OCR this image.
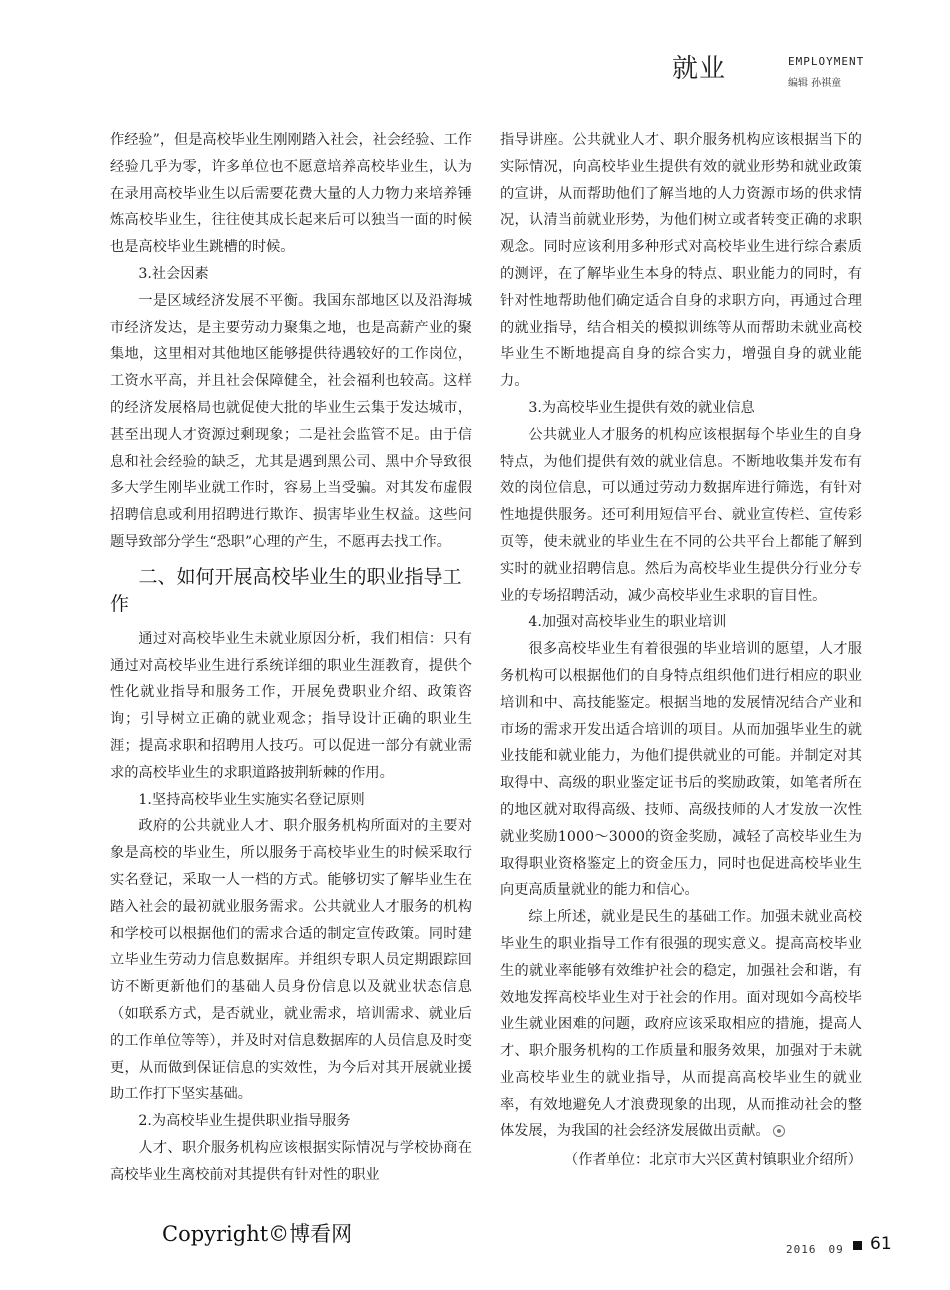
就业	EMPLOYMENT
编辑 孙祺童

作经验”，但是高校毕业生刚刚踏入社会，社会经验、工作经验几乎为零，许多单位也不愿意培养高校毕业生，认为在录用高校毕业生以后需要花费大量的人力物力来培养锤炼高校毕业生，往往使其成长起来后可以独当一面的时候也是高校毕业生跳槽的时候。

3.社会因素

一是区域经济发展不平衡。我国东部地区以及沿海城市经济发达，是主要劳动力聚集之地，也是高薪产业的聚集地，这里相对其他地区能够提供待遇较好的工作岗位，工资水平高，并且社会保障健全，社会福利也较高。这样的经济发展格局也就促使大批的毕业生云集于发达城市，甚至出现人才资源过剩现象；二是社会监管不足。由于信息和社会经验的缺乏，尤其是遇到黑公司、黑中介导致很多大学生刚毕业就工作时，容易上当受骗。对其发布虚假招聘信息或利用招聘进行欺诈、损害毕业生权益。这些问题导致部分学生“恐职”心理的产生，不愿再去找工作。

二、如何开展高校毕业生的职业指导工作

通过对高校毕业生未就业原因分析，我们相信：只有通过对高校毕业生进行系统详细的职业生涯教育，提供个性化就业指导和服务工作，开展免费职业介绍、政策咨询；引导树立正确的就业观念；指导设计正确的职业生涯；提高求职和招聘用人技巧。可以促进一部分有就业需求的高校毕业生的求职道路披荆斩棘的作用。

1.坚持高校毕业生实施实名登记原则

政府的公共就业人才、职介服务机构所面对的主要对象是高校的毕业生，所以服务于高校毕业生的时候采取行实名登记，采取一人一档的方式。能够切实了解毕业生在踏入社会的最初就业服务需求。公共就业人才服务的机构和学校可以根据他们的需求合适的制定宣传政策。同时建立毕业生劳动力信息数据库。并组织专职人员定期跟踪回访不断更新他们的基础人员身份信息以及就业状态信息（如联系方式，是否就业，就业需求，培训需求、就业后的工作单位等等），并及时对信息数据库的人员信息及时变更，从而做到保证信息的实效性，为今后对其开展就业援助工作打下坚实基础。

2.为高校毕业生提供职业指导服务

人才、职介服务机构应该根据实际情况与学校协商在高校毕业生离校前对其提供有针对性的职业

指导讲座。公共就业人才、职介服务机构应该根据当下的实际情况，向高校毕业生提供有效的就业形势和就业政策的宣讲，从而帮助他们了解当地的人力资源市场的供求情况，认清当前就业形势，为他们树立或者转变正确的求职观念。同时应该利用多种形式对高校毕业生进行综合素质的测评，在了解毕业生本身的特点、职业能力的同时，有针对性地帮助他们确定适合自身的求职方向，再通过合理的就业指导，结合相关的模拟训练等从而帮助未就业高校毕业生不断地提高自身的综合实力，增强自身的就业能力。

3.为高校毕业生提供有效的就业信息

公共就业人才服务的机构应该根据每个毕业生的自身特点，为他们提供有效的就业信息。不断地收集并发布有效的岗位信息，可以通过劳动力数据库进行筛选，有针对性地提供服务。还可利用短信平台、就业宣传栏、宣传彩页等，使未就业的毕业生在不同的公共平台上都能了解到实时的就业招聘信息。然后为高校毕业生提供分行业分专业的专场招聘活动，减少高校毕业生求职的盲目性。

4.加强对高校毕业生的职业培训

很多高校毕业生有着很强的毕业培训的愿望，人才服务机构可以根据他们的自身特点组织他们进行相应的职业培训和中、高技能鉴定。根据当地的发展情况结合产业和市场的需求开发出适合培训的项目。从而加强毕业生的就业技能和就业能力，为他们提供就业的可能。并制定对其取得中、高级的职业鉴定证书后的奖励政策，如笔者所在的地区就对取得高级、技师、高级技师的人才发放一次性就业奖励1000～3000的资金奖励，减轻了高校毕业生为取得职业资格鉴定上的资金压力，同时也促进高校毕业生向更高质量就业的能力和信心。

综上所述，就业是民生的基础工作。加强未就业高校毕业生的职业指导工作有很强的现实意义。提高高校毕业生的就业率能够有效维护社会的稳定，加强社会和谐，有效地发挥高校毕业生对于社会的作用。面对现如今高校毕业生就业困难的问题，政府应该采取相应的措施，提高人才、职介服务机构的工作质量和服务效果，加强对于未就业高校毕业生的就业指导，从而提高高校毕业生的就业率，有效地避免人才浪费现象的出现，从而推动社会的整体发展，为我国的社会经济发展做出贡献。

（作者单位：北京市大兴区黄村镇职业介绍所）

Copyright©博看网
2016　09 61
